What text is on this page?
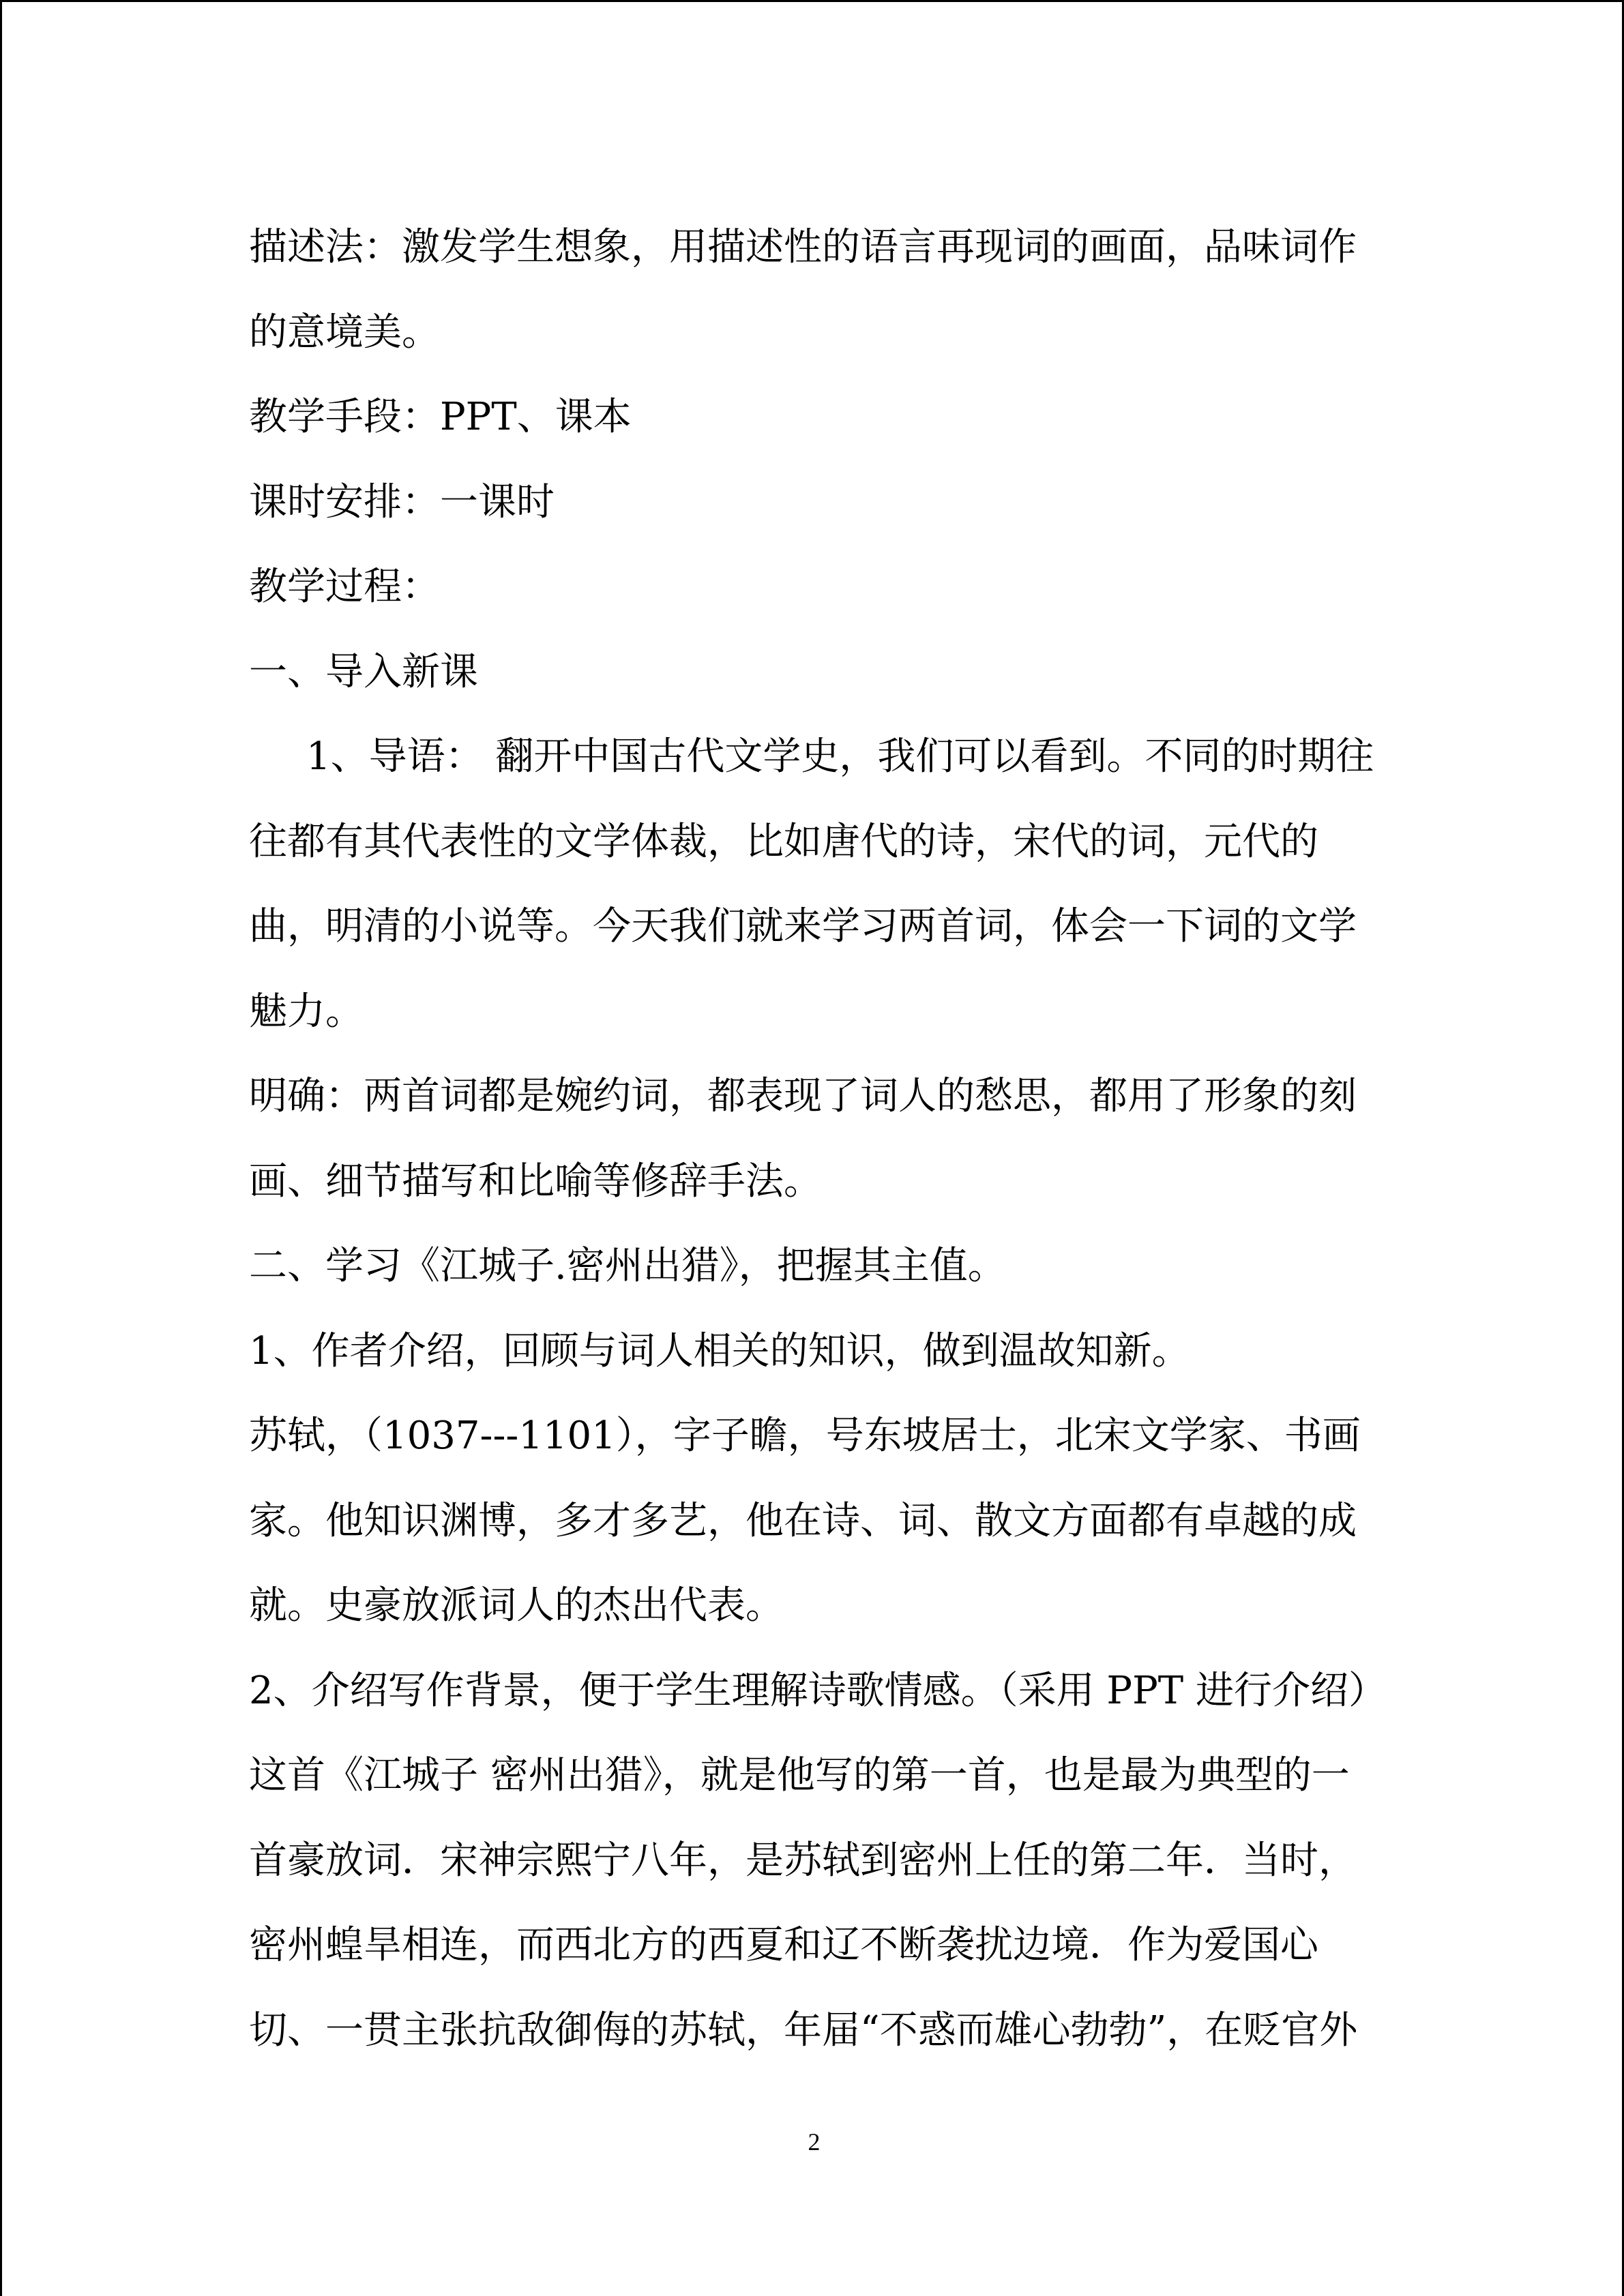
描述法：激发学生想象，用描述性的语言再现词的画面，品味词作
的意境美。
教学手段：PPT、课本
课时安排：一课时
教学过程：
一、导入新课
1、导语： 翻开中国古代文学史，我们可以看到。不同的时期往
往都有其代表性的文学体裁，比如唐代的诗，宋代的词，元代的
曲，明清的小说等。今天我们就来学习两首词，体会一下词的文学
魅力。
明确：两首词都是婉约词，都表现了词人的愁思，都用了形象的刻
画、细节描写和比喻等修辞手法。
二、学习《江城子.密州出猎》，把握其主值。
1、作者介绍，回顾与词人相关的知识，做到温故知新。
苏轼，（1037---1101），字子瞻，号东坡居士，北宋文学家、书画
家。他知识渊博，多才多艺，他在诗、词、散文方面都有卓越的成
就。史豪放派词人的杰出代表。
2、介绍写作背景，便于学生理解诗歌情感。（采用 PPT 进行介绍）
这首《江城子 密州出猎》，就是他写的第一首，也是最为典型的一
首豪放词．宋神宗熙宁八年，是苏轼到密州上任的第二年．当时，
密州蝗旱相连，而西北方的西夏和辽不断袭扰边境．作为爱国心
切、一贯主张抗敌御侮的苏轼，年届“不惑而雄心勃勃”，在贬官外
2
